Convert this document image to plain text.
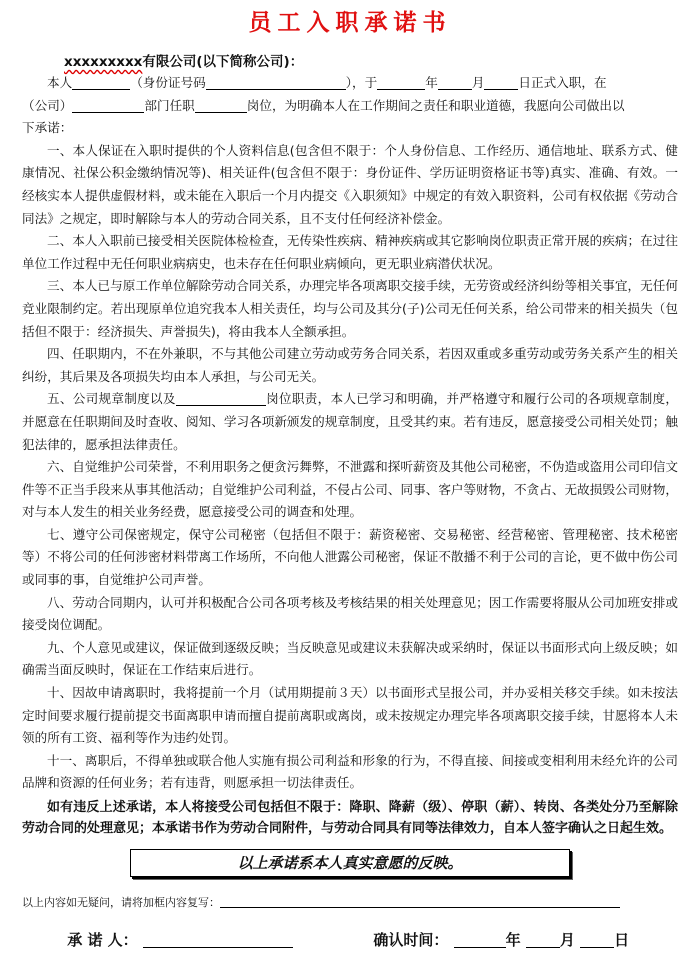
员工入职承诺书
xxxxxxxxx有限公司(以下简称公司)：

本人	（身份证号码	），于	年	月	日正式入职，在

（公司）	部门任职	岗位，为明确本人在工作期间之责任和职业道德，我愿向公司做出以

下承诺：

一、本人保证在入职时提供的个人资料信息(包含但不限于：个人身份信息、工作经历、通信地址、联系方式、健康情况、社保公积金缴纳情况等)、相关证件(包含但不限于：身份证件、学历证明资格证书等)真实、准确、有效。一经核实本人提供虚假材料，或未能在入职后一个月内提交《入职须知》中规定的有效入职资料，公司有权依据《劳动合同法》之规定，即时解除与本人的劳动合同关系，且不支付任何经济补偿金。

二、本人入职前已接受相关医院体检检查，无传染性疾病、精神疾病或其它影响岗位职责正常开展的疾病；在过往单位工作过程中无任何职业病病史，也未存在任何职业病倾向，更无职业病潜伏状况。

三、本人已与原工作单位解除劳动合同关系，办理完毕各项离职交接手续，无劳资或经济纠纷等相关事宜，无任何竞业限制约定。若出现原单位追究我本人相关责任，均与公司及其分(子)公司无任何关系，给公司带来的相关损失（包括但不限于：经济损失、声誉损失)，将由我本人全额承担。

四、任职期内，不在外兼职，不与其他公司建立劳动或劳务合同关系，若因双重或多重劳动或劳务关系产生的相关纠纷，其后果及各项损失均由本人承担，与公司无关。

五、公司规章制度以及	岗位职责，本人已学习和明确，并严格遵守和履行公司的各项规章制度，并愿意在任职期间及时查收、阅知、学习各项新颁发的规章制度，且受其约束。若有违反，愿意接受公司相关处罚；触犯法律的，愿承担法律责任。

六、自觉维护公司荣誉，不利用职务之便贪污舞弊，不泄露和探听薪资及其他公司秘密，不伪造或盗用公司印信文件等不正当手段来从事其他活动；自觉维护公司利益，不侵占公司、同事、客户等财物，不贪占、无故损毁公司财物，对与本人发生的相关业务经费，愿意接受公司的调查和处理。

七、遵守公司保密规定，保守公司秘密（包括但不限于：薪资秘密、交易秘密、经营秘密、管理秘密、技术秘密等）不将公司的任何涉密材料带离工作场所，不向他人泄露公司秘密，保证不散播不利于公司的言论，更不做中伤公司或同事的事，自觉维护公司声誉。

八、劳动合同期内，认可并积极配合公司各项考核及考核结果的相关处理意见；因工作需要将服从公司加班安排或接受岗位调配。

九、个人意见或建议，保证做到逐级反映；当反映意见或建议未获解决或采纳时，保证以书面形式向上级反映；如确需当面反映时，保证在工作结束后进行。

十、因故申请离职时，我将提前一个月（试用期提前３天）以书面形式呈报公司，并办妥相关移交手续。如未按法定时间要求履行提前提交书面离职申请而擅自提前离职或离岗，或未按规定办理完毕各项离职交接手续，甘愿将本人未领的所有工资、福利等作为违约处罚。

十一、离职后，不得单独或联合他人实施有损公司利益和形象的行为，不得直接、间接或变相利用未经允许的公司品牌和资源的任何业务；若有违背，则愿承担一切法律责任。

如有违反上述承诺，本人将接受公司包括但不限于：降职、降薪（级）、停职（薪）、转岗、各类处分乃至解除劳动合同的处理意见；本承诺书作为劳动合同附件，与劳动合同具有同等法律效力，自本人签字确认之日起生效。

以上承诺系本人真实意愿的反映。
以上内容如无疑问，请将加框内容复写：
承 诺 人：	确认时间：	年	月	日
